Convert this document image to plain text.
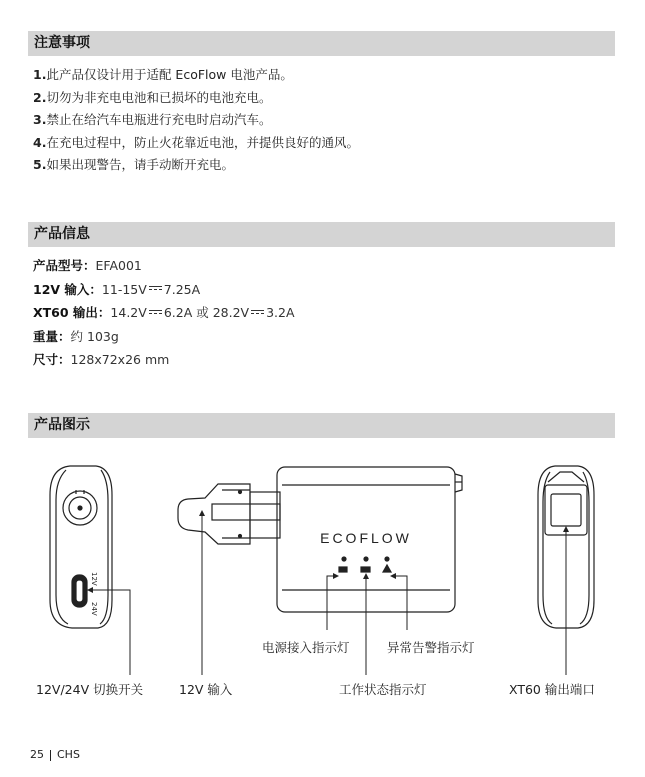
注意事项
1.此产品仅设计用于适配 EcoFlow 电池产品。
2.切勿为非充电电池和已损坏的电池充电。
3.禁止在给汽车电瓶进行充电时启动汽车。
4.在充电过程中，防止火花靠近电池，并提供良好的通风。
5.如果出现警告，请手动断开充电。
产品信息
产品型号：EFA001
12V 输入：11-15V 7.25A
XT60 输出：14.2V 6.2A 或 28.2V 3.2A
重量：约 103g
尺寸：128x72x26 mm
产品图示
12V
24V
ECOFLOW
电源接入指示灯	异常告警指示灯
12V/24V 切换开关	12V 输入	工作状态指示灯	XT60 输出端口
25 CHS
